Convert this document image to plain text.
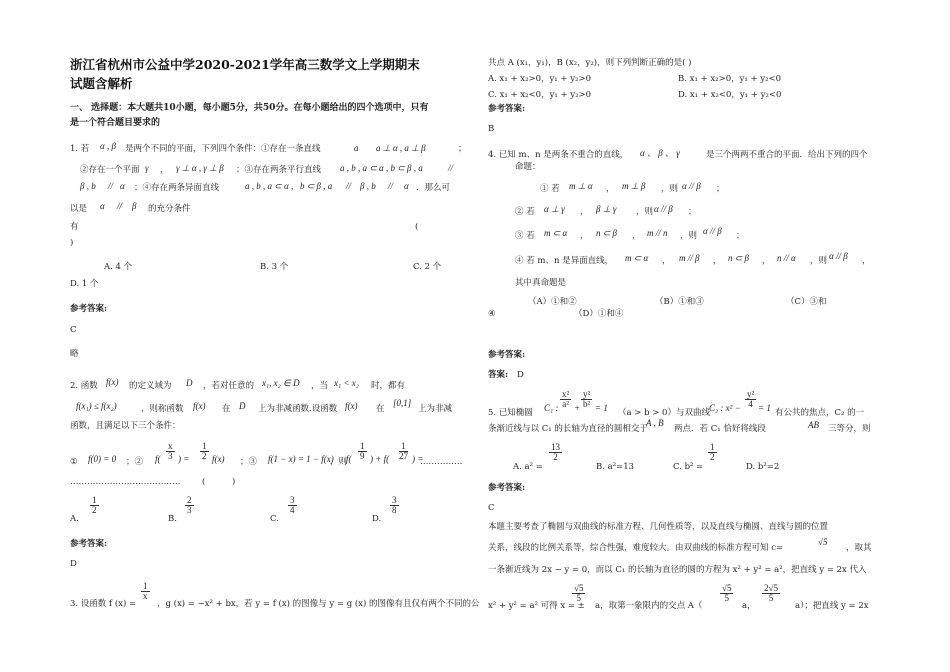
浙江省杭州市公益中学2020-2021学年高三数学文上学期期末
试题含解析
一、 选择题：本大题共10小题，每小题5分，共50分。在每小题给出的四个选项中，只有
是一个符合题目要求的
1. 若 α , β 是两个不同的平面，下列四个条件：①存在一条直线	a a ⊥ α , a ⊥ β	；
②存在一个平面 γ ， γ ⊥ α , γ ⊥ β ；③存在两条平行直线 a , b , a ⊂ α , b ⊂ β , a	//
β , b // α ；④存在两条异面直线	a , b , a ⊂ α , b ⊂ β , a // β , b // α ．那么可
以是 α // β 的充分条件
有	(
)
A. 4 个	B. 3 个	C. 2 个
D. 1 个
参考答案:
C
略
2. 函数 f(x) 的定义域为 D ，若对任意的 x₁, x₂ ∈ D ，当 x₁ < x₂ 时，都有
f(x₁) ≤ f(x₂)	，则称函数 f(x) 在 D 上为非减函数.设函数 f(x) 在
[0,1]
上为非减
函数，且满足以下三个条件：
① f(0) = 0 ；② $f( \frac{x}{3}$ ) = $\frac{1}{2} f(x)$ ；③ f(1 − x) = 1 − f(x)
，则
$f( \frac{1}{9}$ ) + $f( \frac{1}{27}$ ) =
……………
…………………………………	(	)
A.
$\frac{1}{2}$
B.
$\frac{2}{3}$
C.
$\frac{3}{4}$
D.
$\frac{3}{8}$
参考答案:
D
3. 设函数 f (x) =
$\frac{1}{x}$
，g (x) = −x² + bx，若 y = f (x) 的图像与 y = g (x) 的图像有且仅有两个不同的公
共点 A (x₁，y₁)，B (x₂，y₂)，则下列判断正确的是( )
A. x₁ + x₂>0，y₁ + y₂>0	B. x₁ + x₂>0，y₁ + y₂<0
C. x₁ + x₂<0，y₁ + y₂>0	D. x₁ + x₂<0，y₁ + y₂<0
参考答案:
B
4. 已知 m、n 是两条不重合的直线， α 、 β 、 γ	是三个两两不重合的平面．给出下列的四个
命题：
① 若 m ⊥ α ， m ⊥ β ，则 α // β ；
② 若 α ⊥ γ ， β ⊥ γ ，则 α // β ；
③ 若 m ⊂ α ， n ⊂ β ， m // n ，则 α // β ；
④ 若 m、n 是异面直线， m ⊂ α ， m // β ， n ⊂ β ， n // α ，则 α // β ，
其中真命题是
（A）①和②	（B）①和③	（C）③和
④	（D）①和④
参考答案:
答案: D
5. 已知椭圆 C₁ : $\frac{\text{x²}}{\text{a²}} + \frac{\text{y²}}{\text{b²}} = 1$ （a > b > 0）与双曲线 C₂ : $x^2 - \frac{\text{y²}}{4} = 1$ 有公共的焦点，C₂ 的一
条渐近线与以 C₁ 的长轴为直径的圆相交于
A , B
两点．若 C₁ 恰好将线段	AB 三等分，则
A. a² =
$\frac{13}{2}$
B. a²=13	C. b² =
$\frac{1}{2}$
D. b²=2
参考答案:
C
本题主要考查了椭圆与双曲线的标准方程、几何性质等，以及直线与椭圆、直线与圆的位置
关系，线段的比例关系等，综合性强，难度较大。由双曲线的标准方程可知 c=
√5
，取其
一条渐近线为 2x − y = 0，而以 C₁ 的长轴为直径的圆的方程为 x² + y² = a²，把直线 y = 2x 代入
x² + y² = a² 可得 x = ±
$\frac{√5}{5}$
a，取第一象限内的交点 A（
$\frac{√5}{5}$
a，
$\frac{2√5}{5}$
a）；把直线 y = 2x
